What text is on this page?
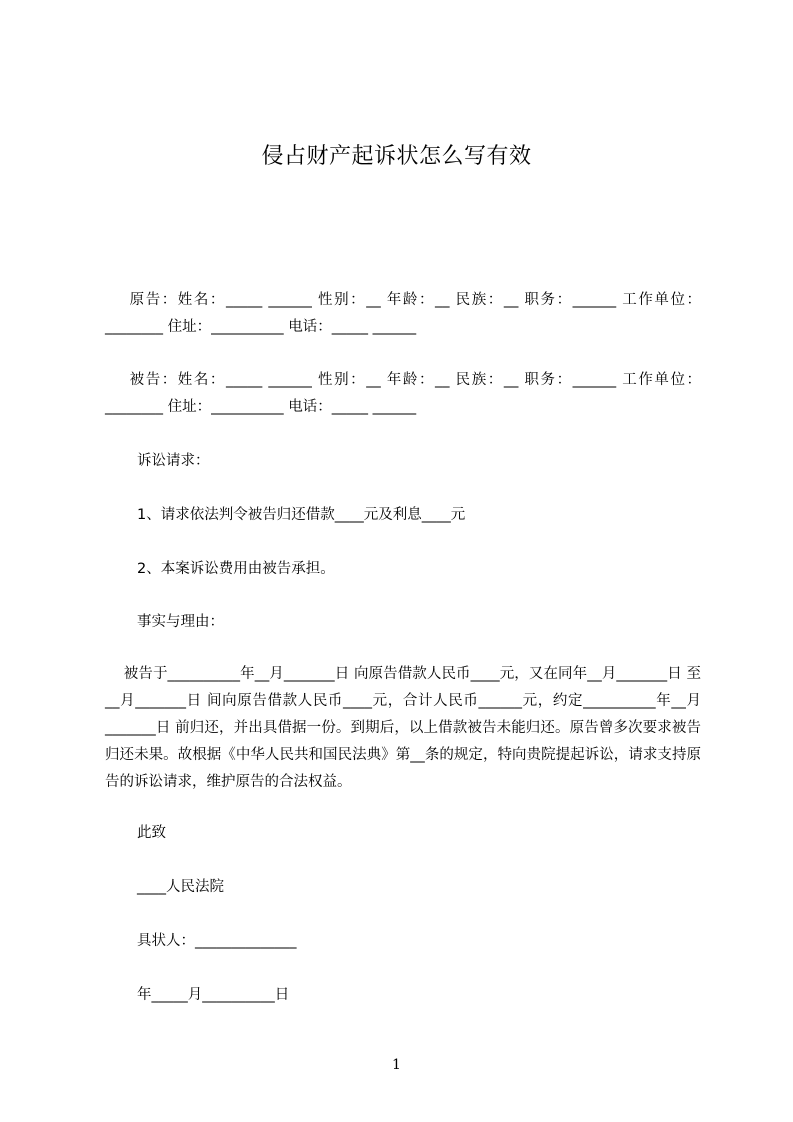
侵占财产起诉状怎么写有效

原告：姓名：_____ ______ 性别：__ 年龄：__ 民族：__ 职务：______ 工作单位：________ 住址：__________ 电话：_____ ______

被告：姓名：_____ ______ 性别：__ 年龄：__ 民族：__ 职务：______ 工作单位：________ 住址：__________ 电话：_____ ______

诉讼请求：
1、请求依法判令被告归还借款____元及利息____元
2、本案诉讼费用由被告承担。
事实与理由：

被告于__________年__月_______日 向原告借款人民币____元，又在同年__月_______日 至__月_______日 间向原告借款人民币____元，合计人民币______元，约定__________年__月_______日 前归还，并出具借据一份。到期后，以上借款被告未能归还。原告曾多次要求被告归还未果。故根据《中华人民共和国民法典》第__条的规定，特向贵院提起诉讼，请求支持原告的诉讼请求，维护原告的合法权益。

此致
____人民法院
具状人：______________
年_____月__________日
1
